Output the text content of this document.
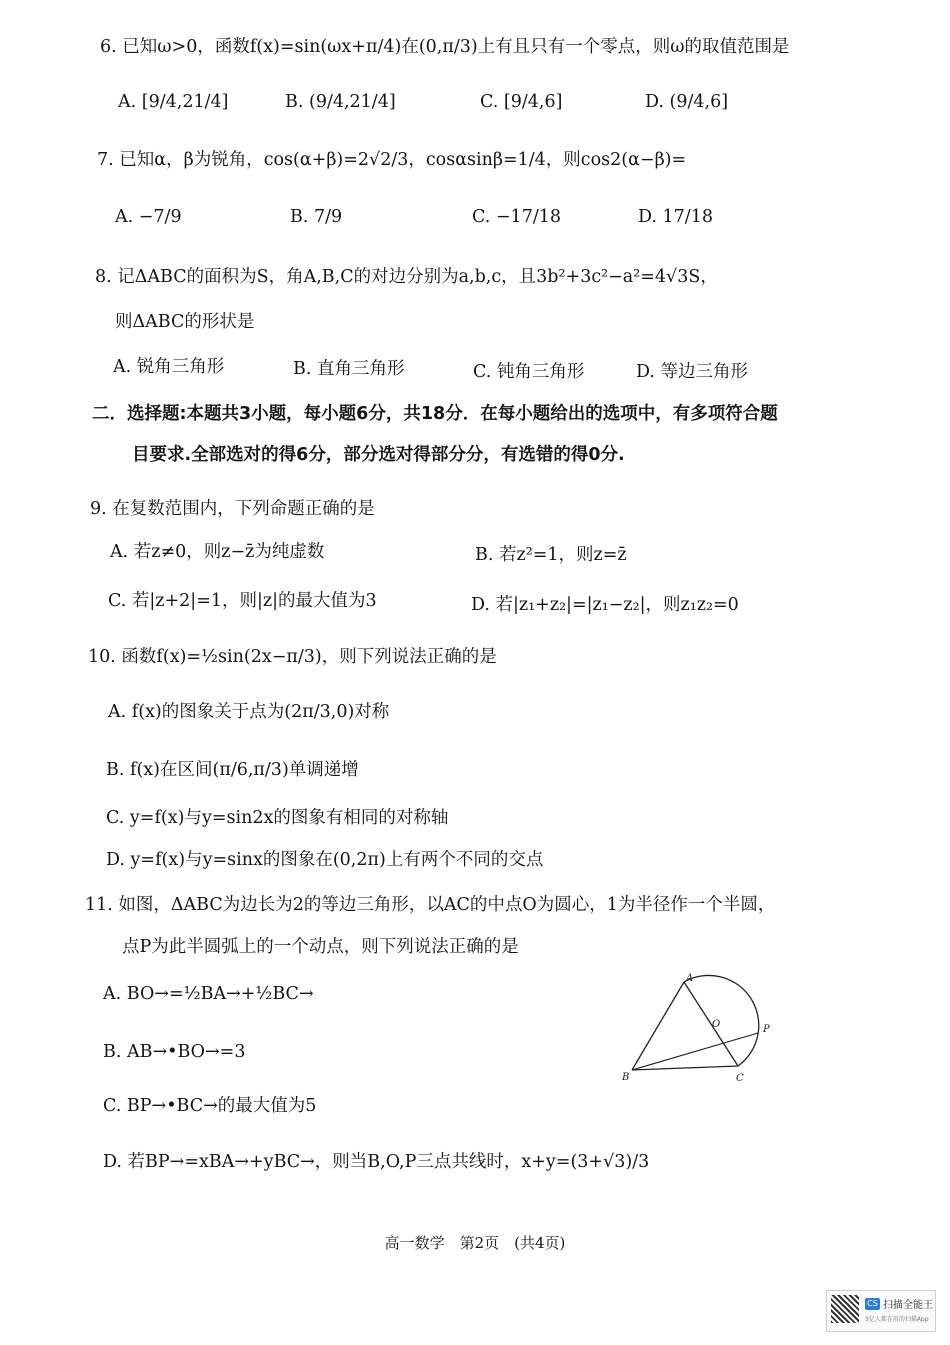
6. 已知ω>0，函数f(x)=sin(ωx+π/4)在(0,π/3)上有且只有一个零点，则ω的取值范围是
A. [9/4,21/4]	B. (9/4,21/4]	C. [9/4,6]	D. (9/4,6]
7. 已知α，β为锐角，cos(α+β)=2√2/3，cosαsinβ=1/4，则cos2(α−β)=
A. −7/9	B. 7/9	C. −17/18	D. 17/18
8. 记ΔABC的面积为S，角A,B,C的对边分别为a,b,c，且3b²+3c²−a²=4√3S，
则ΔABC的形状是
A. 锐角三角形	B. 直角三角形	C. 钝角三角形	D. 等边三角形
二．选择题:本题共3小题，每小题6分，共18分．在每小题给出的选项中，有多项符合题
目要求.全部选对的得6分，部分选对得部分分，有选错的得0分.
9. 在复数范围内，下列命题正确的是
A. 若z≠0，则z−z̄为纯虚数	B. 若z²=1，则z=z̄
C. 若|z+2|=1，则|z|的最大值为3	D. 若|z₁+z₂|=|z₁−z₂|，则z₁z₂=0
10. 函数f(x)=½sin(2x−π/3)，则下列说法正确的是
A. f(x)的图象关于点为(2π/3,0)对称
B. f(x)在区间(π/6,π/3)单调递增
C. y=f(x)与y=sin2x的图象有相同的对称轴
D. y=f(x)与y=sinx的图象在(0,2π)上有两个不同的交点
11. 如图，ΔABC为边长为2的等边三角形，以AC的中点O为圆心，1为半径作一个半圆，
点P为此半圆弧上的一个动点，则下列说法正确的是
A. BO→=½BA→+½BC→
B. AB→•BO→=3
C. BP→•BC→的最大值为5
D. 若BP→=xBA→+yBC→，则当B,O,P三点共线时，x+y=(3+√3)/3
A
B	C
O	P
高一数学　第2页　(共4页)
CS 扫描全能王
3亿人都在用的扫描App
